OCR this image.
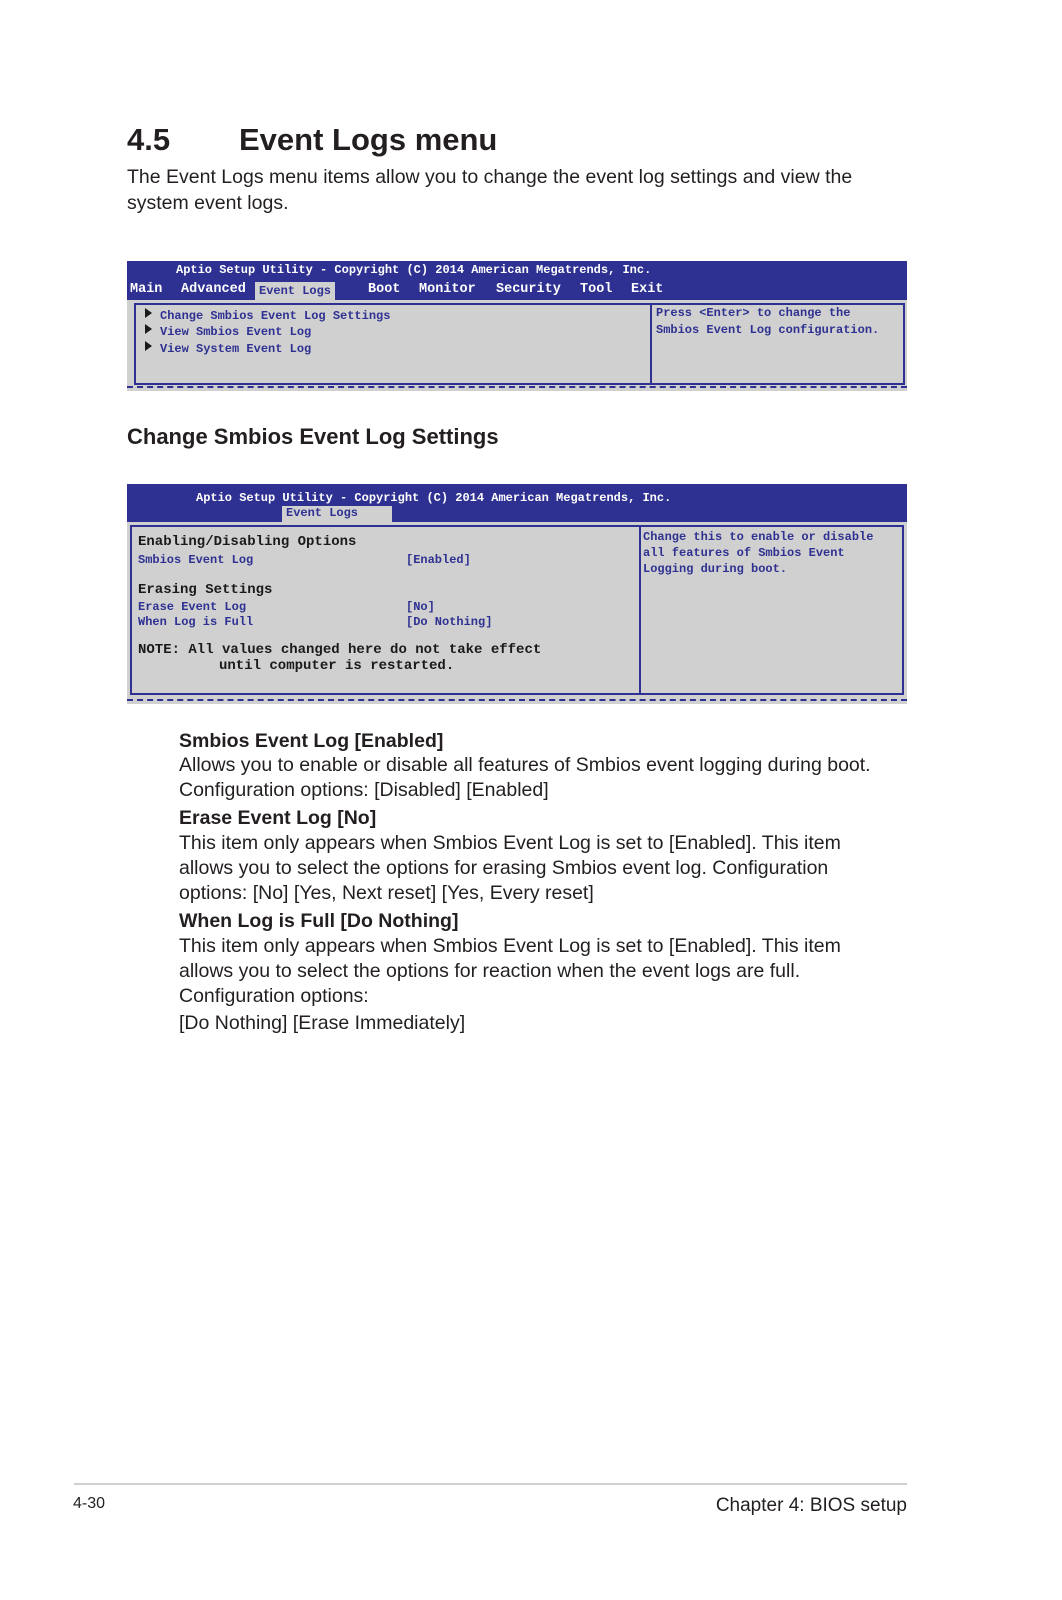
4.5 Event Logs menu
The Event Logs menu items allow you to change the event log settings and view the system event logs.
Aptio Setup Utility - Copyright (C) 2014 American Megatrends, Inc.
Main Advanced	Event Logs	Boot Monitor Security Tool Exit
Change Smbios Event Log Settings
View Smbios Event Log
View System Event Log
Press <Enter> to change the
Smbios Event Log configuration.
Change Smbios Event Log Settings
Aptio Setup Utility - Copyright (C) 2014 American Megatrends, Inc.
Event Logs
Enabling/Disabling Options
Smbios Event Log	[Enabled]
Erasing Settings
Erase Event Log	[No]
When Log is Full	[Do Nothing]
NOTE: All values changed here do not take effect
until computer is restarted.
Change this to enable or disable
all features of Smbios Event
Logging during boot.
Smbios Event Log [Enabled]
Allows you to enable or disable all features of Smbios event logging during boot.
Configuration options: [Disabled] [Enabled]
Erase Event Log [No]
This item only appears when Smbios Event Log is set to [Enabled]. This item allows you to select the options for erasing Smbios event log. Configuration options: [No] [Yes, Next reset] [Yes, Every reset]
When Log is Full [Do Nothing]
This item only appears when Smbios Event Log is set to [Enabled]. This item allows you to select the options for reaction when the event logs are full. Configuration options:
[Do Nothing] [Erase Immediately]
4-30	Chapter 4: BIOS setup
